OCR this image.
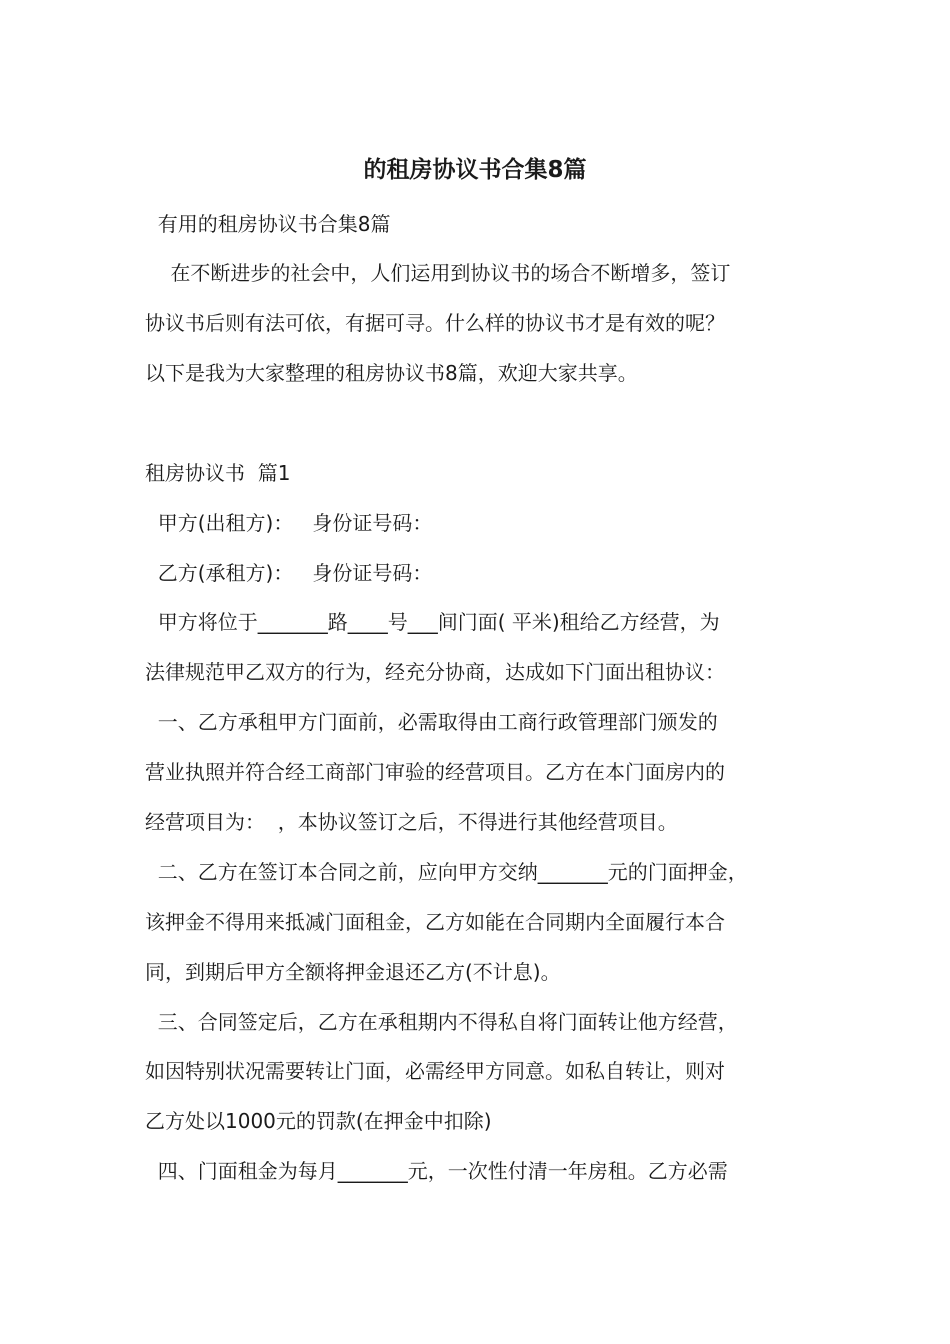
的租房协议书合集8篇
有用的租房协议书合集8篇
在不断进步的社会中，人们运用到协议书的场合不断增多，签订
协议书后则有法可依，有据可寻。什么样的协议书才是有效的呢？
以下是我为大家整理的租房协议书8篇，欢迎大家共享。
租房协议书  篇1
甲方(出租方)：   身份证号码：
乙方(承租方)：   身份证号码：
甲方将位于_______路____号___间门面( 平米)租给乙方经营，为
法律规范甲乙双方的行为，经充分协商，达成如下门面出租协议：
一、乙方承租甲方门面前，必需取得由工商行政管理部门颁发的
营业执照并符合经工商部门审验的经营项目。乙方在本门面房内的
经营项目为：  ，本协议签订之后，不得进行其他经营项目。
二、乙方在签订本合同之前，应向甲方交纳_______元的门面押金，
该押金不得用来抵减门面租金，乙方如能在合同期内全面履行本合
同，到期后甲方全额将押金退还乙方(不计息)。
三、合同签定后，乙方在承租期内不得私自将门面转让他方经营，
如因特别状况需要转让门面，必需经甲方同意。如私自转让，则对
乙方处以1000元的罚款(在押金中扣除)
四、门面租金为每月_______元，一次性付清一年房租。乙方必需
